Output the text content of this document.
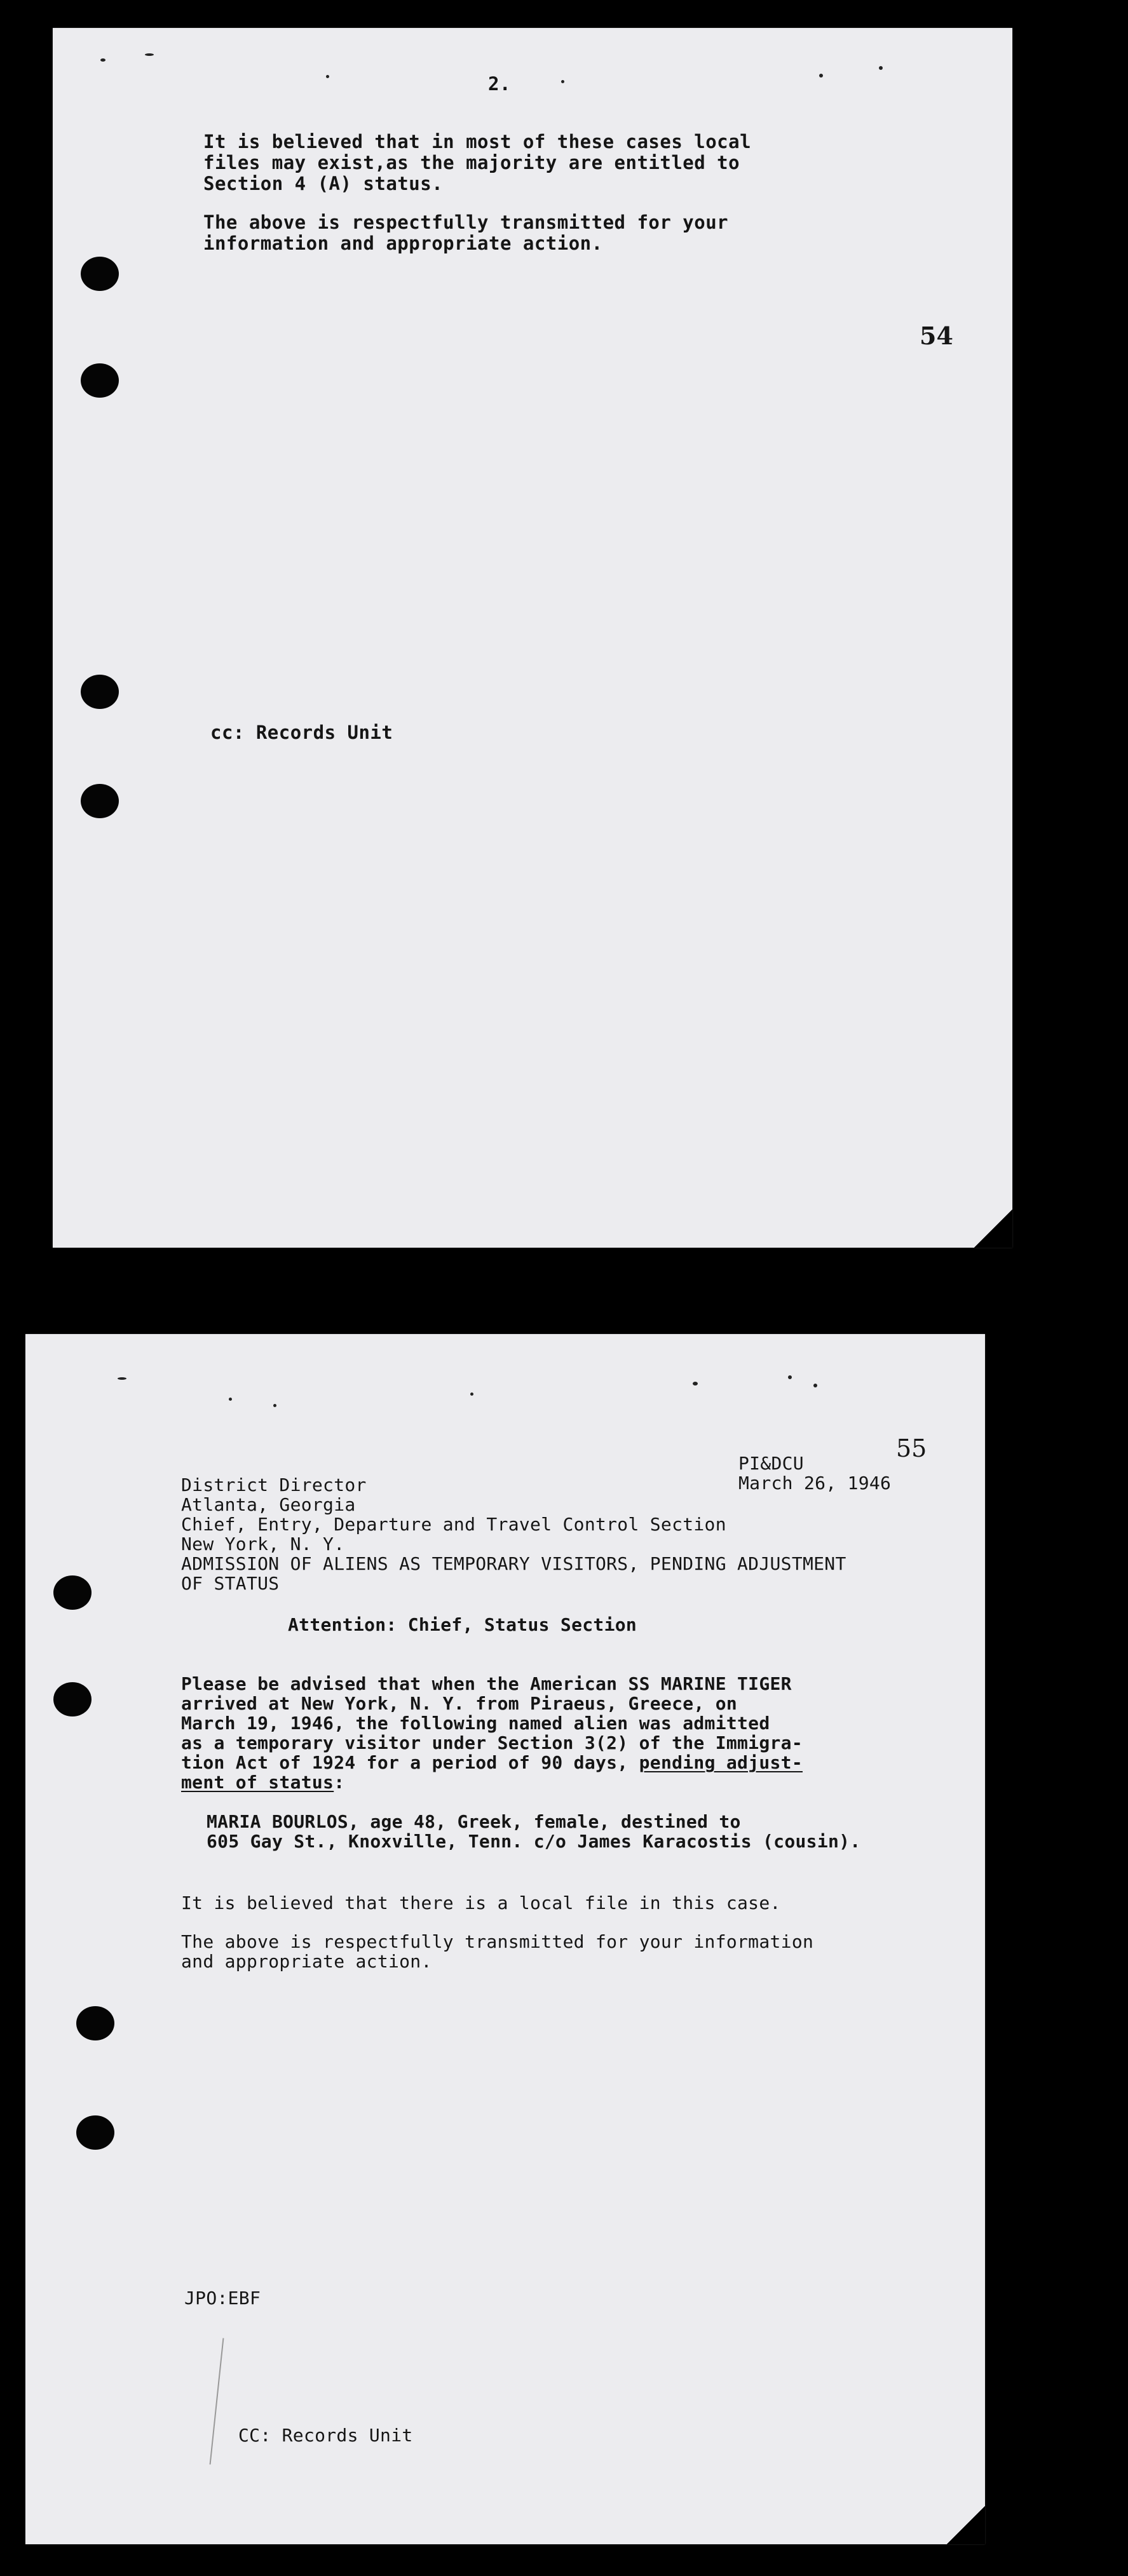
2.
It is believed that in most of these cases local
files may exist,as the majority are entitled to
Section 4 (A) status.
The above is respectfully transmitted for your
information and appropriate action.
54
cc: Records Unit
55
PI&DCU
March 26, 1946
District Director
Atlanta, Georgia
Chief, Entry, Departure and Travel Control Section
New York, N. Y.
ADMISSION OF ALIENS AS TEMPORARY VISITORS, PENDING ADJUSTMENT
OF STATUS
Attention: Chief, Status Section
Please be advised that when the American SS MARINE TIGER
arrived at New York, N. Y. from Piraeus, Greece, on
March 19, 1946, the following named alien was admitted
as a temporary visitor under Section 3(2) of the Immigra-
tion Act of 1924 for a period of 90 days, pending adjust-
ment of status:
MARIA BOURLOS, age 48, Greek, female, destined to
605 Gay St., Knoxville, Tenn. c/o James Karacostis (cousin).
It is believed that there is a local file in this case.
The above is respectfully transmitted for your information
and appropriate action.
JPO:EBF
CC: Records Unit
